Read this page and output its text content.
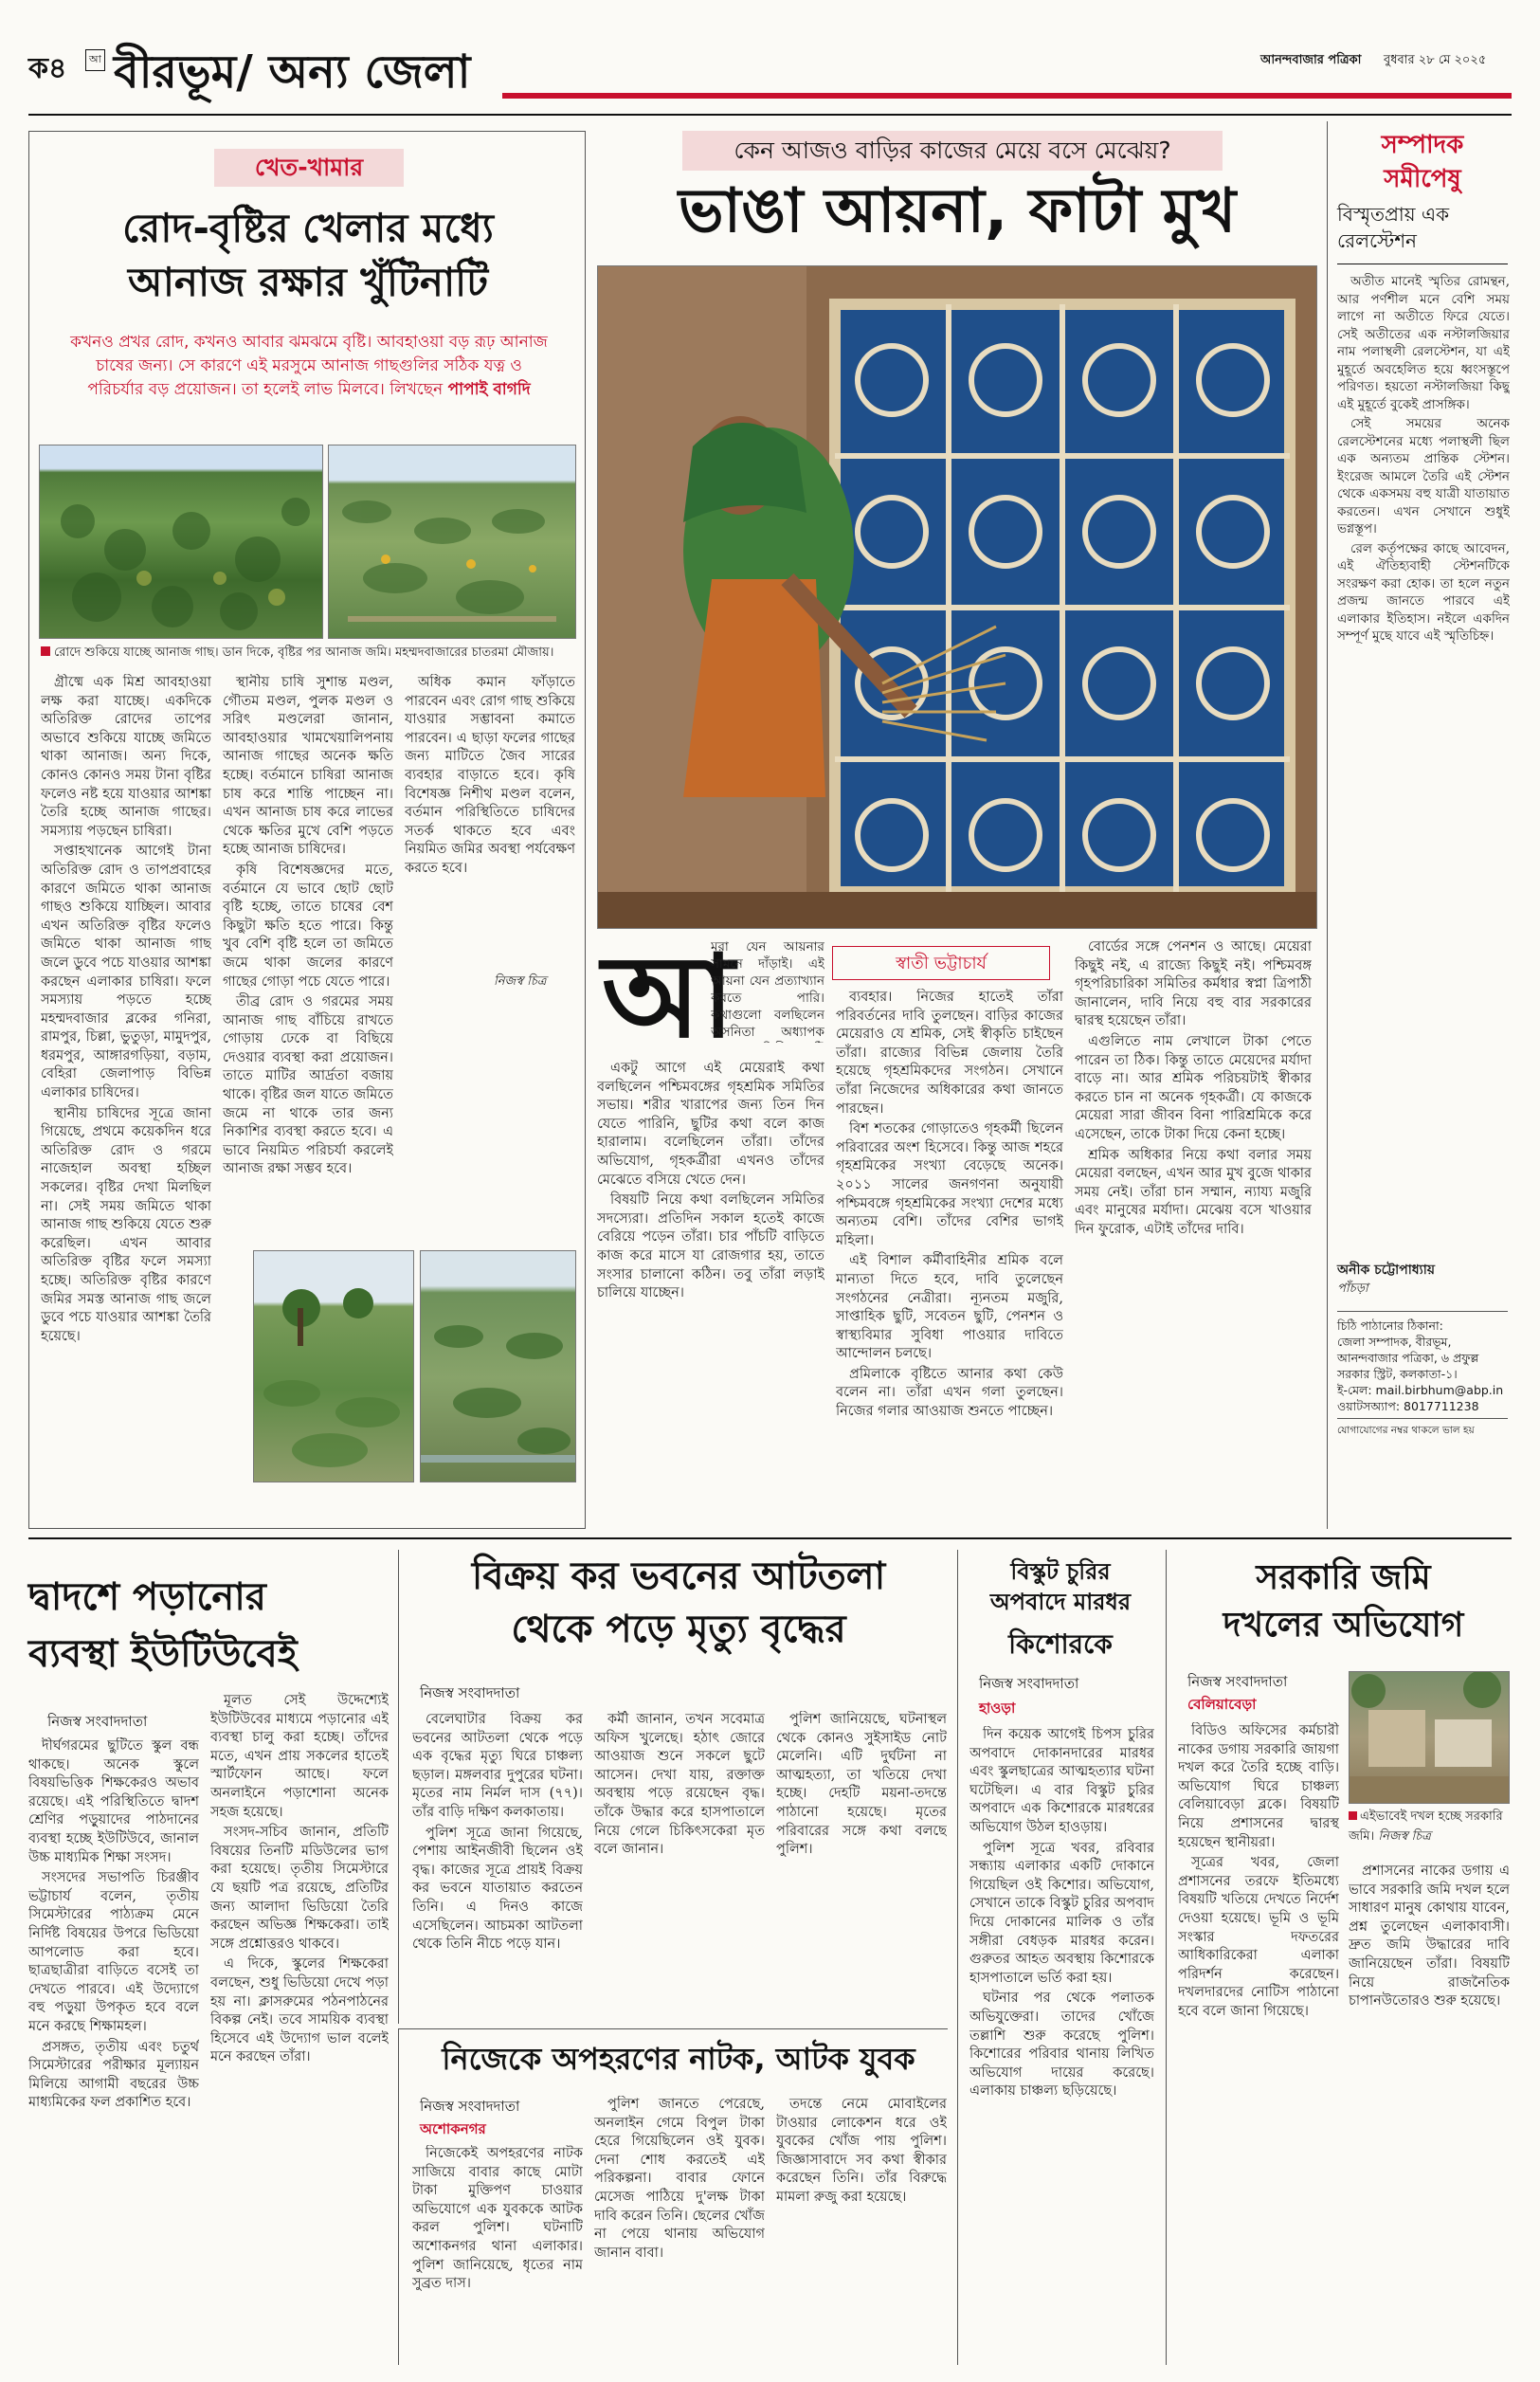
ক৪	আ বীরভূম/ অন্য জেলা	আনন্দবাজার পত্রিকা বুধবার ২৮ মে ২০২৫
খেত-খামার
রোদ-বৃষ্টির খেলার মধ্যে
আনাজ রক্ষার খুঁটিনাটি
কখনও প্রখর রোদ, কখনও আবার ঝমঝমে বৃষ্টি। আবহাওয়া বড় রূঢ় আনাজ চাষের জন্য। সে কারণে এই মরসুমে আনাজ গাছগুলির সঠিক যত্ন ও পরিচর্যার বড় প্রয়োজন। তা হলেই লাভ মিলবে। লিখছেন পাপাই বাগদি
রোদে শুকিয়ে যাচ্ছে আনাজ গাছ। ডান দিকে, বৃষ্টির পর আনাজ জমি। মহম্মদবাজারের চাতরমা মৌজায়।

গ্রীষ্মে এক মিশ্র আবহাওয়া লক্ষ করা যাচ্ছে। একদিকে অতিরিক্ত রোদের তাপের অভাবে শুকিয়ে যাচ্ছে জমিতে থাকা আনাজ। অন্য দিকে, কোনও কোনও সময় টানা বৃষ্টির ফলেও নষ্ট হয়ে যাওয়ার আশঙ্কা তৈরি হচ্ছে আনাজ গাছের। সমস্যায় পড়ছেন চাষিরা।

সপ্তাহখানেক আগেই টানা অতিরিক্ত রোদ ও তাপপ্রবাহের কারণে জমিতে থাকা আনাজ গাছও শুকিয়ে যাচ্ছিল। আবার এখন অতিরিক্ত বৃষ্টির ফলেও জমিতে থাকা আনাজ গাছ জলে ডুবে পচে যাওয়ার আশঙ্কা করছেন এলাকার চাষিরা। ফলে সমস্যায় পড়তে হচ্ছে মহম্মদবাজার ব্লকের গনিরা, রামপুর, চিল্লা, ভুতুড়া, মামুদপুর, ধরমপুর, আঙ্গারগড়িয়া, বড়াম, বেহিরা জেলাপাড় বিভিন্ন এলাকার চাষিদের।

স্থানীয় চাষিদের সূত্রে জানা গিয়েছে, প্রথমে কয়েকদিন ধরে অতিরিক্ত রোদ ও গরমে নাজেহাল অবস্থা হচ্ছিল সকলের। বৃষ্টির দেখা মিলছিল না। সেই সময় জমিতে থাকা আনাজ গাছ শুকিয়ে যেতে শুরু করেছিল। এখন আবার অতিরিক্ত বৃষ্টির ফলে সমস্যা হচ্ছে। অতিরিক্ত বৃষ্টির কারণে জমির সমস্ত আনাজ গাছ জলে ডুবে পচে যাওয়ার আশঙ্কা তৈরি হয়েছে।

স্থানীয় চাষি সুশান্ত মণ্ডল, গৌতম মণ্ডল, পুলক মণ্ডল ও সরিৎ মণ্ডলেরা জানান, আবহাওয়ার খামখেয়ালিপনায় আনাজ গাছের অনেক ক্ষতি হচ্ছে। বর্তমানে চাষিরা আনাজ চাষ করে শান্তি পাচ্ছেন না। এখন আনাজ চাষ করে লাভের থেকে ক্ষতির মুখে বেশি পড়তে হচ্ছে আনাজ চাষিদের।

কৃষি বিশেষজ্ঞদের মতে, বর্তমানে যে ভাবে ছোট ছোট বৃষ্টি হচ্ছে, তাতে চাষের বেশ কিছুটা ক্ষতি হতে পারে। কিন্তু খুব বেশি বৃষ্টি হলে তা জমিতে জমে থাকা জলের কারণে গাছের গোড়া পচে যেতে পারে।

তীব্র রোদ ও গরমের সময় আনাজ গাছ বাঁচিয়ে রাখতে গোড়ায় ঢেকে বা বিছিয়ে দেওয়ার ব্যবস্থা করা প্রয়োজন। তাতে মাটির আর্দ্রতা বজায় থাকে। বৃষ্টির জল যাতে জমিতে জমে না থাকে তার জন্য নিকাশির ব্যবস্থা করতে হবে। এ ভাবে নিয়মিত পরিচর্যা করলেই আনাজ রক্ষা সম্ভব হবে।

অধিক কমান ফাঁড়াতে পারবেন এবং রোগ গাছ শুকিয়ে যাওয়ার সম্ভাবনা কমাতে পারবেন। এ ছাড়া ফলের গাছের জন্য মাটিতে জৈব সারের ব্যবহার বাড়াতে হবে। কৃষি বিশেষজ্ঞ নিশীথ মণ্ডল বলেন, বর্তমান পরিস্থিতিতে চাষিদের সতর্ক থাকতে হবে এবং নিয়মিত জমির অবস্থা পর্যবেক্ষণ করতে হবে।

নিজস্ব চিত্র
কেন আজও বাড়ির কাজের মেয়ে বসে মেঝেয়?
ভাঙা আয়না, ফাটা মুখ
আ	স্বাতী ভট্টাচার্য

মরা যেন আয়নার সামনে দাঁড়াই। এই আয়না যেন প্রত্যাখ্যান করতে পারি। কথাগুলো বলছিলেন অসনিতা অধ্যাপক

একটু আগে এই মেয়েরাই কথা বলছিলেন পশ্চিমবঙ্গের গৃহশ্রমিক সমিতির সভায়। শরীর খারাপের জন্য তিন দিন যেতে পারিনি, ছুটির কথা বলে কাজ হারালাম। বলেছিলেন তাঁরা। তাঁদের অভিযোগ, গৃহকর্ত্রীরা এখনও তাঁদের মেঝেতে বসিয়ে খেতে দেন।

বিষয়টি নিয়ে কথা বলছিলেন সমিতির সদস্যেরা। প্রতিদিন সকাল হতেই কাজে বেরিয়ে পড়েন তাঁরা। চার পাঁচটি বাড়িতে কাজ করে মাসে যা রোজগার হয়, তাতে সংসার চালানো কঠিন। তবু তাঁরা লড়াই চালিয়ে যাচ্ছেন।

ব্যবহার। নিজের হাতেই তাঁরা পরিবর্তনের দাবি তুলছেন। বাড়ির কাজের মেয়েরাও যে শ্রমিক, সেই স্বীকৃতি চাইছেন তাঁরা। রাজ্যের বিভিন্ন জেলায় তৈরি হয়েছে গৃহশ্রমিকদের সংগঠন। সেখানে তাঁরা নিজেদের অধিকারের কথা জানতে পারছেন।

বিশ শতকের গোড়াতেও গৃহকর্মী ছিলেন পরিবারের অংশ হিসেবে। কিন্তু আজ শহরে গৃহশ্রমিকের সংখ্যা বেড়েছে অনেক। ২০১১ সালের জনগণনা অনুযায়ী পশ্চিমবঙ্গে গৃহশ্রমিকের সংখ্যা দেশের মধ্যে অন্যতম বেশি। তাঁদের বেশির ভাগই মহিলা।

এই বিশাল কর্মীবাহিনীর শ্রমিক বলে মান্যতা দিতে হবে, দাবি তুলেছেন সংগঠনের নেত্রীরা। ন্যূনতম মজুরি, সাপ্তাহিক ছুটি, সবেতন ছুটি, পেনশন ও স্বাস্থ্যবিমার সুবিধা পাওয়ার দাবিতে আন্দোলন চলছে।

প্রমিলাকে বৃষ্টিতে আনার কথা কেউ বলেন না। তাঁরা এখন গলা তুলছেন। নিজের গলার আওয়াজ শুনতে পাচ্ছেন।

বোর্ডের সঙ্গে পেনশন ও আছে। মেয়েরা কিছুই নই, এ রাজ্যে কিছুই নই। পশ্চিমবঙ্গ গৃহপরিচারিকা সমিতির কর্মধার স্বপ্না ত্রিপাঠী জানালেন, দাবি নিয়ে বহু বার সরকারের দ্বারস্থ হয়েছেন তাঁরা।

এগুলিতে নাম লেখালে টাকা পেতে পারেন তা ঠিক। কিন্তু তাতে মেয়েদের মর্যাদা বাড়ে না। আর শ্রমিক পরিচয়টাই স্বীকার করতে চান না অনেক গৃহকর্ত্রী। যে কাজকে মেয়েরা সারা জীবন বিনা পারিশ্রমিকে করে এসেছেন, তাকে টাকা দিয়ে কেনা হচ্ছে।

শ্রমিক অধিকার নিয়ে কথা বলার সময় মেয়েরা বলছেন, এখন আর মুখ বুজে থাকার সময় নেই। তাঁরা চান সম্মান, ন্যায্য মজুরি এবং মানুষের মর্যাদা। মেঝেয় বসে খাওয়ার দিন ফুরোক, এটাই তাঁদের দাবি।

সম্পাদক
সমীপেষু
বিস্মৃতপ্রায় এক রেলস্টেশন

অতীত মানেই স্মৃতির রোমন্থন, আর পর্ণশীল মনে বেশি সময় লাগে না অতীতে ফিরে যেতে। সেই অতীতের এক নস্টালজিয়ার নাম পলাস্থলী রেলস্টেশন, যা এই মুহূর্তে অবহেলিত হয়ে ধ্বংসস্তূপে পরিণত। হয়তো নস্টালজিয়া কিছু এই মুহূর্তে বুকেই প্রাসঙ্গিক।

সেই সময়ের অনেক রেলস্টেশনের মধ্যে পলাস্থলী ছিল এক অন্যতম প্রান্তিক স্টেশন। ইংরেজ আমলে তৈরি এই স্টেশন থেকে একসময় বহু যাত্রী যাতায়াত করতেন। এখন সেখানে শুধুই ভগ্নস্তূপ।

রেল কর্তৃপক্ষের কাছে আবেদন, এই ঐতিহ্যবাহী স্টেশনটিকে সংরক্ষণ করা হোক। তা হলে নতুন প্রজন্ম জানতে পারবে এই এলাকার ইতিহাস। নইলে একদিন সম্পূর্ণ মুছে যাবে এই স্মৃতিচিহ্ন।

অনীক চট্টোপাধ্যায়
পাঁচড়া
চিঠি পাঠানোর ঠিকানা:
জেলা সম্পাদক, বীরভূম, আনন্দবাজার পত্রিকা, ৬ প্রফুল্ল সরকার স্ট্রিট, কলকাতা-১।
ই-মেল: mail.birbhum@abp.in
ওয়াটসঅ্যাপ: 8017711238
যোগাযোগের নম্বর থাকলে ভাল হয়
দ্বাদশে পড়ানোর
ব্যবস্থা ইউটিউবেই
নিজস্ব সংবাদদাতা

দীর্ঘগরমের ছুটিতে স্কুল বন্ধ থাকছে। অনেক স্কুলে বিষয়ভিত্তিক শিক্ষকেরও অভাব রয়েছে। এই পরিস্থিতিতে দ্বাদশ শ্রেণির পড়ুয়াদের পাঠদানের ব্যবস্থা হচ্ছে ইউটিউবে, জানাল উচ্চ মাধ্যমিক শিক্ষা সংসদ।

সংসদের সভাপতি চিরঞ্জীব ভট্টাচার্য বলেন, তৃতীয় সিমেস্টারের পাঠ্যক্রম মেনে নির্দিষ্ট বিষয়ের উপরে ভিডিয়ো আপলোড করা হবে। ছাত্রছাত্রীরা বাড়িতে বসেই তা দেখতে পারবে। এই উদ্যোগে বহু পড়ুয়া উপকৃত হবে বলে মনে করছে শিক্ষামহল।

প্রসঙ্গত, তৃতীয় এবং চতুর্থ সিমেস্টারের পরীক্ষার মূল্যায়ন মিলিয়ে আগামী বছরের উচ্চ মাধ্যমিকের ফল প্রকাশিত হবে।

মূলত সেই উদ্দেশ্যেই ইউটিউবের মাধ্যমে পড়ানোর এই ব্যবস্থা চালু করা হচ্ছে। তাঁদের মতে, এখন প্রায় সকলের হাতেই স্মার্টফোন আছে। ফলে অনলাইনে পড়াশোনা অনেক সহজ হয়েছে।

সংসদ-সচিব জানান, প্রতিটি বিষয়ের তিনটি মডিউলের ভাগ করা হয়েছে। তৃতীয় সিমেস্টারে যে ছয়টি পত্র রয়েছে, প্রতিটির জন্য আলাদা ভিডিয়ো তৈরি করছেন অভিজ্ঞ শিক্ষকেরা। তাই সঙ্গে প্রশ্নোত্তরও থাকবে।

এ দিকে, স্কুলের শিক্ষকেরা বলছেন, শুধু ভিডিয়ো দেখে পড়া হয় না। ক্লাসরুমের পঠনপাঠনের বিকল্প নেই। তবে সাময়িক ব্যবস্থা হিসেবে এই উদ্যোগ ভাল বলেই মনে করছেন তাঁরা।

বিক্রয় কর ভবনের আটতলা
থেকে পড়ে মৃত্যু বৃদ্ধের
নিজস্ব সংবাদদাতা

বেলেঘাটার বিক্রয় কর ভবনের আটতলা থেকে পড়ে এক বৃদ্ধের মৃত্যু ঘিরে চাঞ্চল্য ছড়াল। মঙ্গলবার দুপুরের ঘটনা। মৃতের নাম নির্মল দাস (৭৭)। তাঁর বাড়ি দক্ষিণ কলকাতায়।

পুলিশ সূত্রে জানা গিয়েছে, পেশায় আইনজীবী ছিলেন ওই বৃদ্ধ। কাজের সূত্রে প্রায়ই বিক্রয় কর ভবনে যাতায়াত করতেন তিনি। এ দিনও কাজে এসেছিলেন। আচমকা আটতলা থেকে তিনি নীচে পড়ে যান।

কর্মী জানান, তখন সবেমাত্র অফিস খুলেছে। হঠাৎ জোরে আওয়াজ শুনে সকলে ছুটে আসেন। দেখা যায়, রক্তাক্ত অবস্থায় পড়ে রয়েছেন বৃদ্ধ। তাঁকে উদ্ধার করে হাসপাতালে নিয়ে গেলে চিকিৎসকেরা মৃত বলে জানান।

পুলিশ জানিয়েছে, ঘটনাস্থল থেকে কোনও সুইসাইড নোট মেলেনি। এটি দুর্ঘটনা না আত্মহত্যা, তা খতিয়ে দেখা হচ্ছে। দেহটি ময়না-তদন্তে পাঠানো হয়েছে। মৃতের পরিবারের সঙ্গে কথা বলছে পুলিশ।

নিজেকে অপহরণের নাটক, আটক যুবক
নিজস্ব সংবাদদাতা
অশোকনগর

নিজেকেই অপহরণের নাটক সাজিয়ে বাবার কাছে মোটা টাকা মুক্তিপণ চাওয়ার অভিযোগে এক যুবককে আটক করল পুলিশ। ঘটনাটি অশোকনগর থানা এলাকার। পুলিশ জানিয়েছে, ধৃতের নাম সুব্রত দাস।

পুলিশ জানতে পেরেছে, অনলাইন গেমে বিপুল টাকা হেরে গিয়েছিলেন ওই যুবক। দেনা শোধ করতেই এই পরিকল্পনা। বাবার ফোনে মেসেজ পাঠিয়ে দু'লক্ষ টাকা দাবি করেন তিনি। ছেলের খোঁজ না পেয়ে থানায় অভিযোগ জানান বাবা।

তদন্তে নেমে মোবাইলের টাওয়ার লোকেশন ধরে ওই যুবকের খোঁজ পায় পুলিশ। জিজ্ঞাসাবাদে সব কথা স্বীকার করেছেন তিনি। তাঁর বিরুদ্ধে মামলা রুজু করা হয়েছে।

বিস্কুট চুরির
অপবাদে মারধর
কিশোরকে
নিজস্ব সংবাদদাতা
হাওড়া

দিন কয়েক আগেই চিপস চুরির অপবাদে দোকানদারের মারধর এবং স্কুলছাত্রের আত্মহত্যার ঘটনা ঘটেছিল। এ বার বিস্কুট চুরির অপবাদে এক কিশোরকে মারধরের অভিযোগ উঠল হাওড়ায়।

পুলিশ সূত্রে খবর, রবিবার সন্ধ্যায় এলাকার একটি দোকানে গিয়েছিল ওই কিশোর। অভিযোগ, সেখানে তাকে বিস্কুট চুরির অপবাদ দিয়ে দোকানের মালিক ও তাঁর সঙ্গীরা বেধড়ক মারধর করেন। গুরুতর আহত অবস্থায় কিশোরকে হাসপাতালে ভর্তি করা হয়।

ঘটনার পর থেকে পলাতক অভিযুক্তেরা। তাদের খোঁজে তল্লাশি শুরু করেছে পুলিশ। কিশোরের পরিবার থানায় লিখিত অভিযোগ দায়ের করেছে। এলাকায় চাঞ্চল্য ছড়িয়েছে।

সরকারি জমি
দখলের অভিযোগ
নিজস্ব সংবাদদাতা
বেলিয়াবেড়া

বিডিও অফিসের কর্মচারী নাকের ডগায় সরকারি জায়গা দখল করে তৈরি হচ্ছে বাড়ি। অভিযোগ ঘিরে চাঞ্চল্য বেলিয়াবেড়া ব্লকে। বিষয়টি নিয়ে প্রশাসনের দ্বারস্থ হয়েছেন স্থানীয়রা।

সূত্রের খবর, জেলা প্রশাসনের তরফে ইতিমধ্যে বিষয়টি খতিয়ে দেখতে নির্দেশ দেওয়া হয়েছে। ভূমি ও ভূমি সংস্কার দফতরের আধিকারিকেরা এলাকা পরিদর্শন করেছেন। দখলদারদের নোটিস পাঠানো হবে বলে জানা গিয়েছে।

এইভাবেই দখল হচ্ছে সরকারি জমি। নিজস্ব চিত্র

প্রশাসনের নাকের ডগায় এ ভাবে সরকারি জমি দখল হলে সাধারণ মানুষ কোথায় যাবেন, প্রশ্ন তুলেছেন এলাকাবাসী। দ্রুত জমি উদ্ধারের দাবি জানিয়েছেন তাঁরা। বিষয়টি নিয়ে রাজনৈতিক চাপানউতোরও শুরু হয়েছে।
